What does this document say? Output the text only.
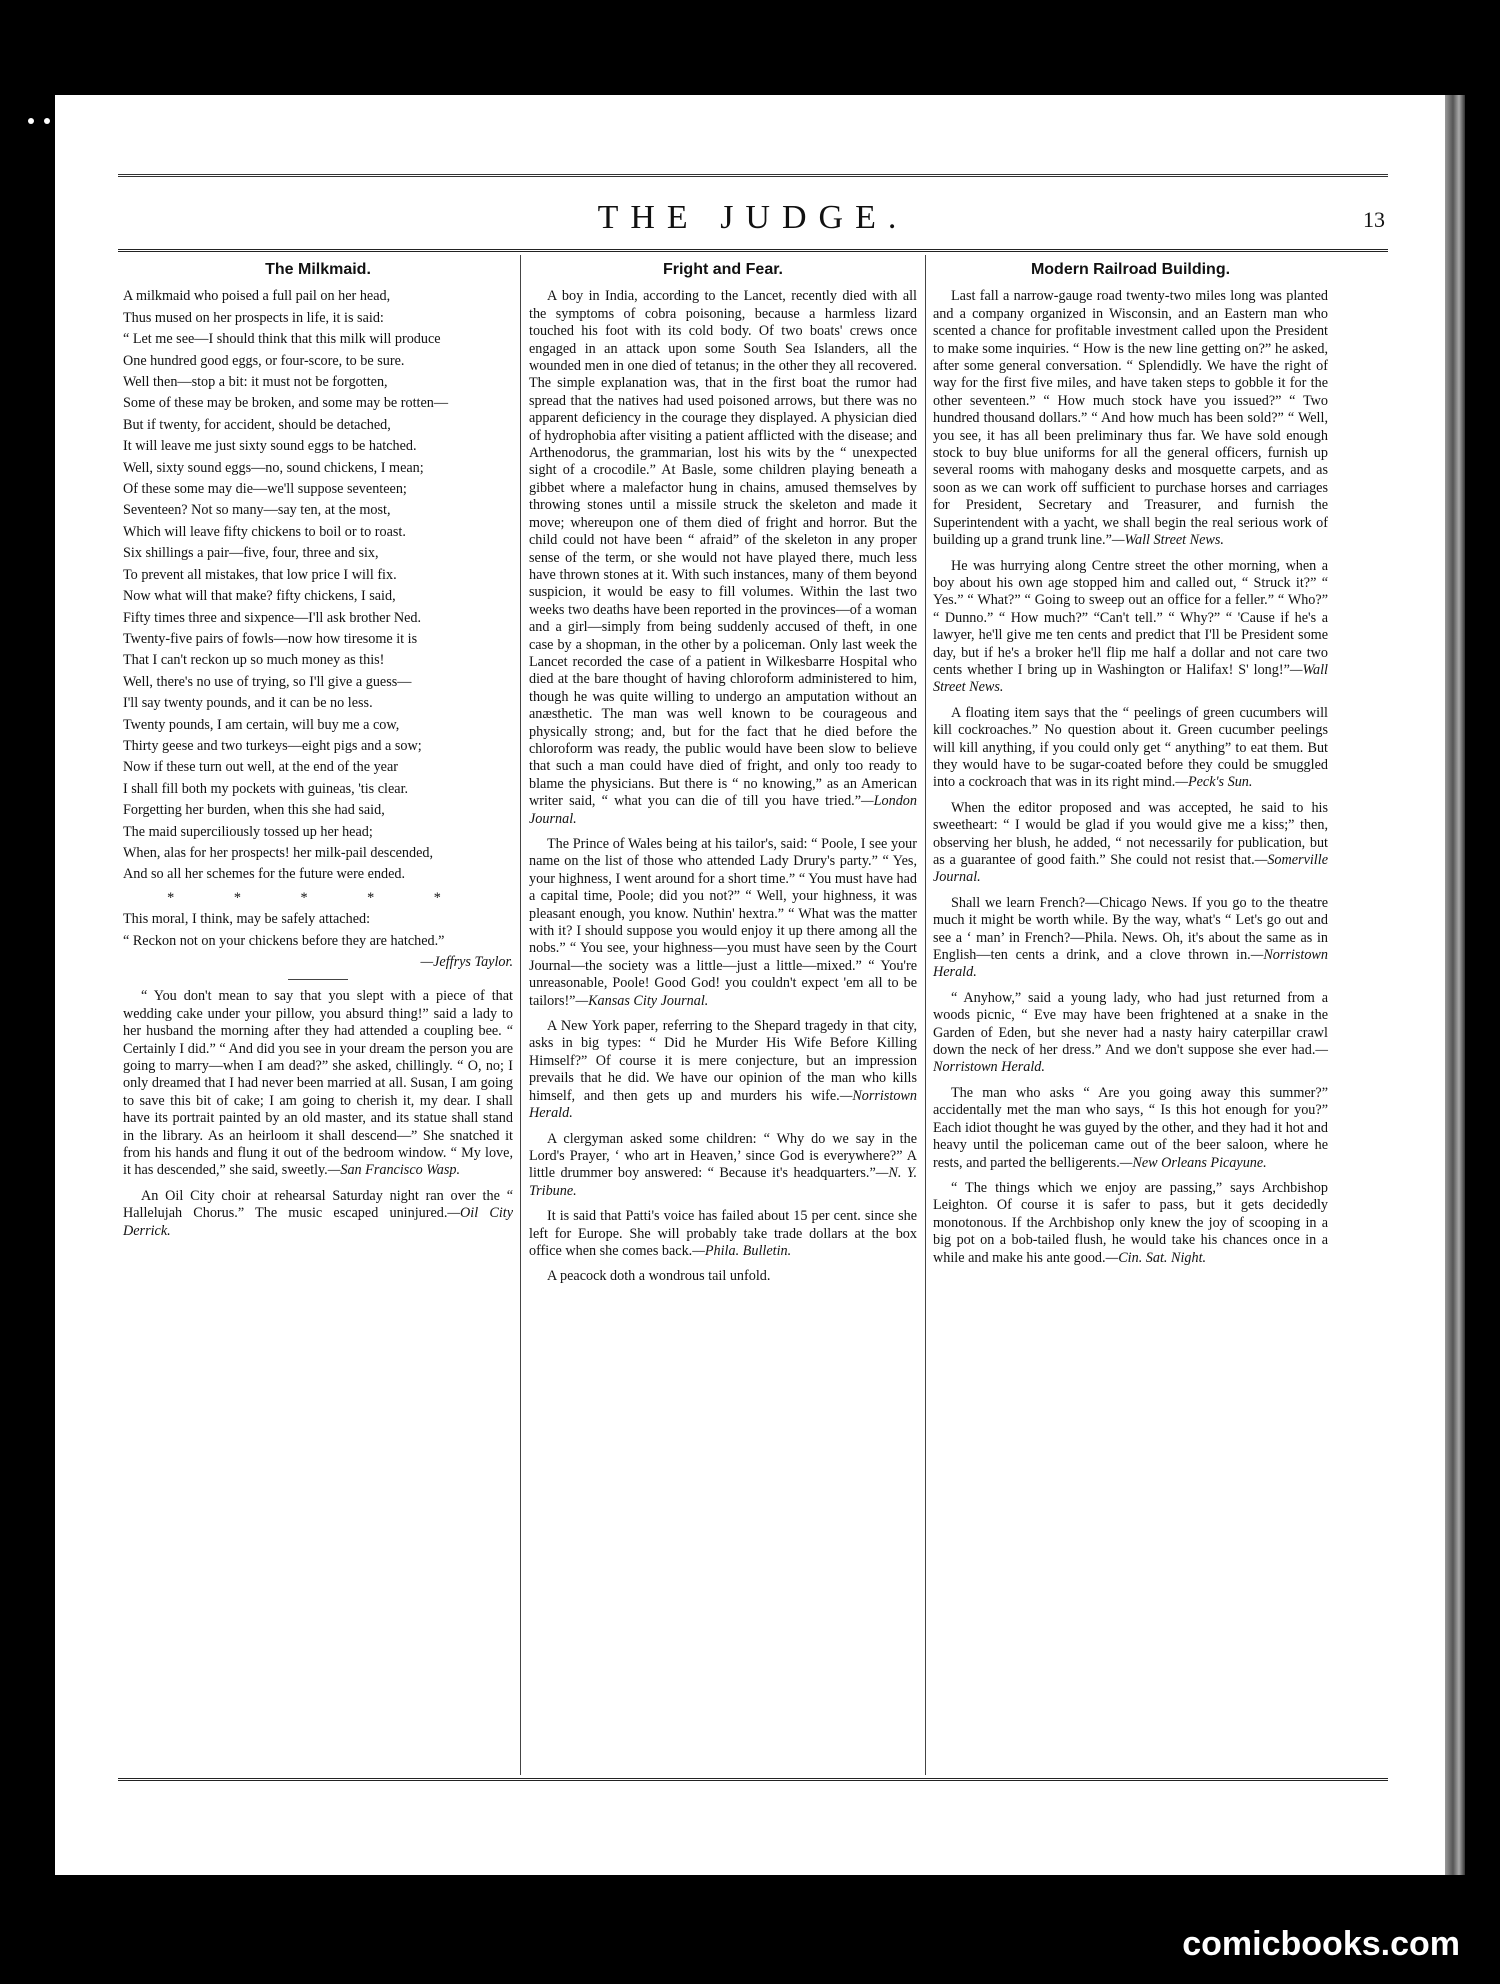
THE JUDGE.	13
The Milkmaid.
A milkmaid who poised a full pail on her head,
Thus mused on her prospects in life, it is said:
“ Let me see—I should think that this milk will produce
One hundred good eggs, or four-score, to be sure.
Well then—stop a bit: it must not be forgotten,
Some of these may be broken, and some may be rotten—
But if twenty, for accident, should be detached,
It will leave me just sixty sound eggs to be hatched.
Well, sixty sound eggs—no, sound chickens, I mean;
Of these some may die—we'll suppose seventeen;
Seventeen? Not so many—say ten, at the most,
Which will leave fifty chickens to boil or to roast.
Six shillings a pair—five, four, three and six,
To prevent all mistakes, that low price I will fix.
Now what will that make? fifty chickens, I said,
Fifty times three and sixpence—I'll ask brother Ned.
Twenty-five pairs of fowls—now how tiresome it is
That I can't reckon up so much money as this!
Well, there's no use of trying, so I'll give a guess—
I'll say twenty pounds, and it can be no less.
Twenty pounds, I am certain, will buy me a cow,
Thirty geese and two turkeys—eight pigs and a sow;
Now if these turn out well, at the end of the year
I shall fill both my pockets with guineas, 'tis clear.
Forgetting her burden, when this she had said,
The maid superciliously tossed up her head;
When, alas for her prospects! her milk-pail descended,
And so all her schemes for the future were ended.
* * * * *
This moral, I think, may be safely attached:
“ Reckon not on your chickens before they are hatched.”
—Jeffrys Taylor.

“ You don't mean to say that you slept with a piece of that wedding cake under your pillow, you absurd thing!” said a lady to her husband the morning after they had attended a coupling bee. “ Certainly I did.” “ And did you see in your dream the person you are going to marry—when I am dead?” she asked, chillingly. “ O, no; I only dreamed that I had never been married at all. Susan, I am going to save this bit of cake; I am going to cherish it, my dear. I shall have its portrait painted by an old master, and its statue shall stand in the library. As an heirloom it shall descend—” She snatched it from his hands and flung it out of the bedroom window. “ My love, it has descended,” she said, sweetly.—San Francisco Wasp.

An Oil City choir at rehearsal Saturday night ran over the “ Hallelujah Chorus.” The music escaped uninjured.—Oil City Derrick.

Fright and Fear.

A boy in India, according to the Lancet, recently died with all the symptoms of cobra poisoning, because a harmless lizard touched his foot with its cold body. Of two boats' crews once engaged in an attack upon some South Sea Islanders, all the wounded men in one died of tetanus; in the other they all recovered. The simple explanation was, that in the first boat the rumor had spread that the natives had used poisoned arrows, but there was no apparent deficiency in the courage they displayed. A physician died of hydrophobia after visiting a patient afflicted with the disease; and Arthenodorus, the grammarian, lost his wits by the “ unexpected sight of a crocodile.” At Basle, some children playing beneath a gibbet where a malefactor hung in chains, amused themselves by throwing stones until a missile struck the skeleton and made it move; whereupon one of them died of fright and horror. But the child could not have been “ afraid” of the skeleton in any proper sense of the term, or she would not have played there, much less have thrown stones at it. With such instances, many of them beyond suspicion, it would be easy to fill volumes. Within the last two weeks two deaths have been reported in the provinces—of a woman and a girl—simply from being suddenly accused of theft, in one case by a shopman, in the other by a policeman. Only last week the Lancet recorded the case of a patient in Wilkesbarre Hospital who died at the bare thought of having chloroform administered to him, though he was quite willing to undergo an amputation without an anæsthetic. The man was well known to be courageous and physically strong; and, but for the fact that he died before the chloroform was ready, the public would have been slow to believe that such a man could have died of fright, and only too ready to blame the physicians. But there is “ no knowing,” as an American writer said, “ what you can die of till you have tried.”—London Journal.

The Prince of Wales being at his tailor's, said: “ Poole, I see your name on the list of those who attended Lady Drury's party.” “ Yes, your highness, I went around for a short time.” “ You must have had a capital time, Poole; did you not?” “ Well, your highness, it was pleasant enough, you know. Nuthin' hextra.” “ What was the matter with it? I should suppose you would enjoy it up there among all the nobs.” “ You see, your highness—you must have seen by the Court Journal—the society was a little—just a little—mixed.” “ You're unreasonable, Poole! Good God! you couldn't expect 'em all to be tailors!”—Kansas City Journal.

A New York paper, referring to the Shepard tragedy in that city, asks in big types: “ Did he Murder His Wife Before Killing Himself?” Of course it is mere conjecture, but an impression prevails that he did. We have our opinion of the man who kills himself, and then gets up and murders his wife.—Norristown Herald.

A clergyman asked some children: “ Why do we say in the Lord's Prayer, ‘ who art in Heaven,’ since God is everywhere?” A little drummer boy answered: “ Because it's headquarters.”—N. Y. Tribune.

It is said that Patti's voice has failed about 15 per cent. since she left for Europe. She will probably take trade dollars at the box office when she comes back.—Phila. Bulletin.

A peacock doth a wondrous tail unfold.

Modern Railroad Building.

Last fall a narrow-gauge road twenty-two miles long was planted and a company organized in Wisconsin, and an Eastern man who scented a chance for profitable investment called upon the President to make some inquiries. “ How is the new line getting on?” he asked, after some general conversation. “ Splendidly. We have the right of way for the first five miles, and have taken steps to gobble it for the other seventeen.” “ How much stock have you issued?” “ Two hundred thousand dollars.” “ And how much has been sold?” “ Well, you see, it has all been preliminary thus far. We have sold enough stock to buy blue uniforms for all the general officers, furnish up several rooms with mahogany desks and mosquette carpets, and as soon as we can work off sufficient to purchase horses and carriages for President, Secretary and Treasurer, and furnish the Superintendent with a yacht, we shall begin the real serious work of building up a grand trunk line.”—Wall Street News.

He was hurrying along Centre street the other morning, when a boy about his own age stopped him and called out, “ Struck it?” “ Yes.” “ What?” “ Going to sweep out an office for a feller.” “ Who?” “ Dunno.” “ How much?” “Can't tell.” “ Why?” “ 'Cause if he's a lawyer, he'll give me ten cents and predict that I'll be President some day, but if he's a broker he'll flip me half a dollar and not care two cents whether I bring up in Washington or Halifax! S' long!”—Wall Street News.

A floating item says that the “ peelings of green cucumbers will kill cockroaches.” No question about it. Green cucumber peelings will kill anything, if you could only get “ anything” to eat them. But they would have to be sugar-coated before they could be smuggled into a cockroach that was in its right mind.—Peck's Sun.

When the editor proposed and was accepted, he said to his sweetheart: “ I would be glad if you would give me a kiss;” then, observing her blush, he added, “ not necessarily for publication, but as a guarantee of good faith.” She could not resist that.—Somerville Journal.

Shall we learn French?—Chicago News. If you go to the theatre much it might be worth while. By the way, what's “ Let's go out and see a ‘ man’ in French?—Phila. News. Oh, it's about the same as in English—ten cents a drink, and a clove thrown in.—Norristown Herald.

“ Anyhow,” said a young lady, who had just returned from a woods picnic, “ Eve may have been frightened at a snake in the Garden of Eden, but she never had a nasty hairy caterpillar crawl down the neck of her dress.” And we don't suppose she ever had.—Norristown Herald.

The man who asks “ Are you going away this summer?” accidentally met the man who says, “ Is this hot enough for you?” Each idiot thought he was guyed by the other, and they had it hot and heavy until the policeman came out of the beer saloon, where he rests, and parted the belligerents.—New Orleans Picayune.

“ The things which we enjoy are passing,” says Archbishop Leighton. Of course it is safer to pass, but it gets decidedly monotonous. If the Archbishop only knew the joy of scooping in a big pot on a bob-tailed flush, he would take his chances once in a while and make his ante good.—Cin. Sat. Night.

comicbooks.com
